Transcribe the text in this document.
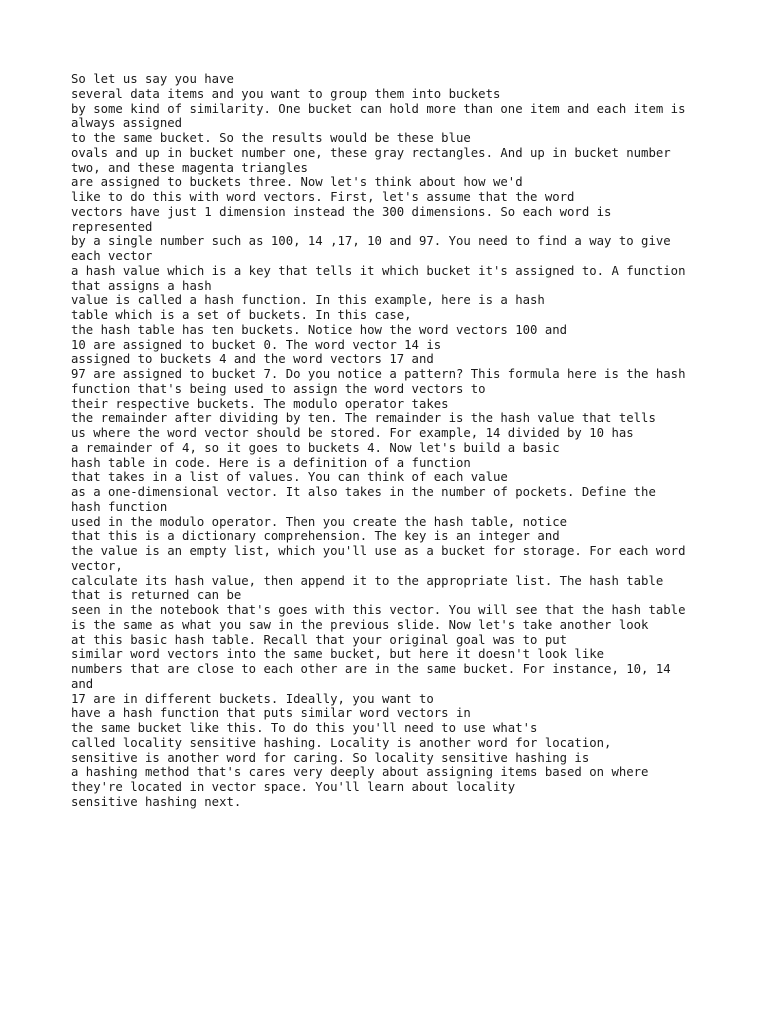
So let us say you have

several data items and you want to group them into buckets

by some kind of similarity. One bucket can hold more than one item and each item is

always assigned

to the same bucket. So the results would be these blue

ovals and up in bucket number one, these gray rectangles. And up in bucket number

two, and these magenta triangles

are assigned to buckets three. Now let's think about how we'd

like to do this with word vectors. First, let's assume that the word

vectors have just 1 dimension instead the 300 dimensions. So each word is

represented

by a single number such as 100, 14 ,17, 10 and 97. You need to find a way to give

each vector

a hash value which is a key that tells it which bucket it's assigned to. A function

that assigns a hash

value is called a hash function. In this example, here is a hash

table which is a set of buckets. In this case,

the hash table has ten buckets. Notice how the word vectors 100 and

10 are assigned to bucket 0. The word vector 14 is

assigned to buckets 4 and the word vectors 17 and

97 are assigned to bucket 7. Do you notice a pattern? This formula here is the hash

function that's being used to assign the word vectors to

their respective buckets. The modulo operator takes

the remainder after dividing by ten. The remainder is the hash value that tells

us where the word vector should be stored. For example, 14 divided by 10 has

a remainder of 4, so it goes to buckets 4. Now let's build a basic

hash table in code. Here is a definition of a function

that takes in a list of values. You can think of each value

as a one-dimensional vector. It also takes in the number of pockets. Define the

hash function

used in the modulo operator. Then you create the hash table, notice

that this is a dictionary comprehension. The key is an integer and

the value is an empty list, which you'll use as a bucket for storage. For each word

vector,

calculate its hash value, then append it to the appropriate list. The hash table

that is returned can be

seen in the notebook that's goes with this vector. You will see that the hash table

is the same as what you saw in the previous slide. Now let's take another look

at this basic hash table. Recall that your original goal was to put

similar word vectors into the same bucket, but here it doesn't look like

numbers that are close to each other are in the same bucket. For instance, 10, 14

and

17 are in different buckets. Ideally, you want to

have a hash function that puts similar word vectors in

the same bucket like this. To do this you'll need to use what's

called locality sensitive hashing. Locality is another word for location,

sensitive is another word for caring. So locality sensitive hashing is

a hashing method that's cares very deeply about assigning items based on where

they're located in vector space. You'll learn about locality

sensitive hashing next.
